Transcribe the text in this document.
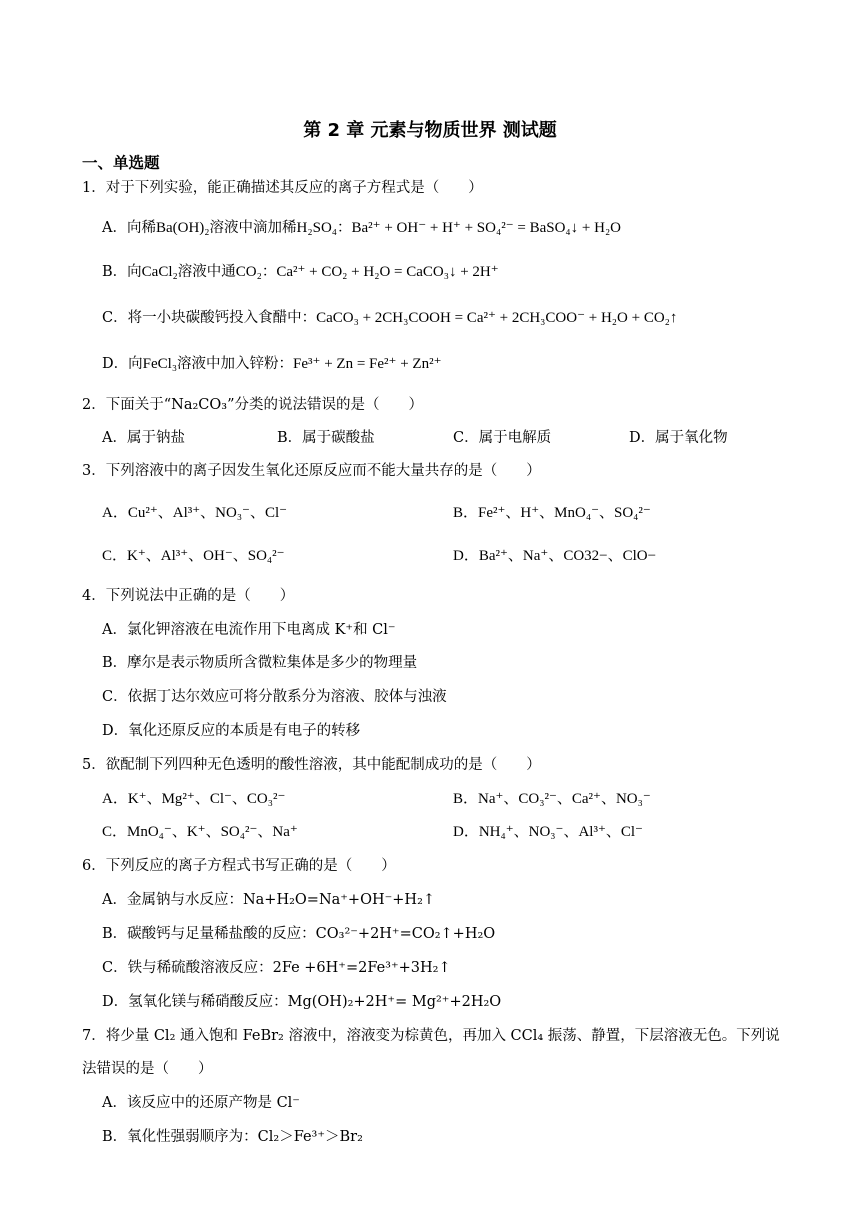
第 2 章 元素与物质世界 测试题
一、单选题
1．对于下列实验，能正确描述其反应的离子方程式是（　　）
A．向稀Ba(OH)₂溶液中滴加稀H₂SO₄：Ba²⁺ + OH⁻ + H⁺ + SO₄²⁻ = BaSO₄↓ + H₂O
B．向CaCl₂溶液中通CO₂：Ca²⁺ + CO₂ + H₂O = CaCO₃↓ + 2H⁺
C．将一小块碳酸钙投入食醋中：CaCO₃ + 2CH₃COOH = Ca²⁺ + 2CH₃COO⁻ + H₂O + CO₂↑
D．向FeCl₃溶液中加入锌粉：Fe³⁺ + Zn = Fe²⁺ + Zn²⁺
2．下面关于“Na₂CO₃”分类的说法错误的是（　　）
A．属于钠盐	B．属于碳酸盐	C．属于电解质	D．属于氧化物
3．下列溶液中的离子因发生氧化还原反应而不能大量共存的是（　　）
A．Cu²⁺、Al³⁺、NO₃⁻、Cl⁻	B．Fe²⁺、H⁺、MnO₄⁻、SO₄²⁻
C．K⁺、Al³⁺、OH⁻、SO₄²⁻	D．Ba²⁺、Na⁺、CO32−、ClO−
4．下列说法中正确的是（　　）
A．氯化钾溶液在电流作用下电离成 K⁺和 Cl⁻
B．摩尔是表示物质所含微粒集体是多少的物理量
C．依据丁达尔效应可将分散系分为溶液、胶体与浊液
D．氧化还原反应的本质是有电子的转移
5．欲配制下列四种无色透明的酸性溶液，其中能配制成功的是（　　）
A．K⁺、Mg²⁺、Cl⁻、CO₃²⁻	B．Na⁺、CO₃²⁻、Ca²⁺、NO₃⁻
C．MnO₄⁻、K⁺、SO₄²⁻、Na⁺	D．NH₄⁺、NO₃⁻、Al³⁺、Cl⁻
6．下列反应的离子方程式书写正确的是（　　）
A．金属钠与水反应：Na+H₂O=Na⁺+OH⁻+H₂↑
B．碳酸钙与足量稀盐酸的反应：CO₃²⁻+2H⁺=CO₂↑+H₂O
C．铁与稀硫酸溶液反应：2Fe +6H⁺=2Fe³⁺+3H₂↑
D．氢氧化镁与稀硝酸反应：Mg(OH)₂+2H⁺= Mg²⁺+2H₂O
7．将少量 Cl₂ 通入饱和 FeBr₂ 溶液中，溶液变为棕黄色，再加入 CCl₄ 振荡、静置，下层溶液无色。下列说
法错误的是（　　）
A．该反应中的还原产物是 Cl⁻
B．氧化性强弱顺序为：Cl₂＞Fe³⁺＞Br₂
